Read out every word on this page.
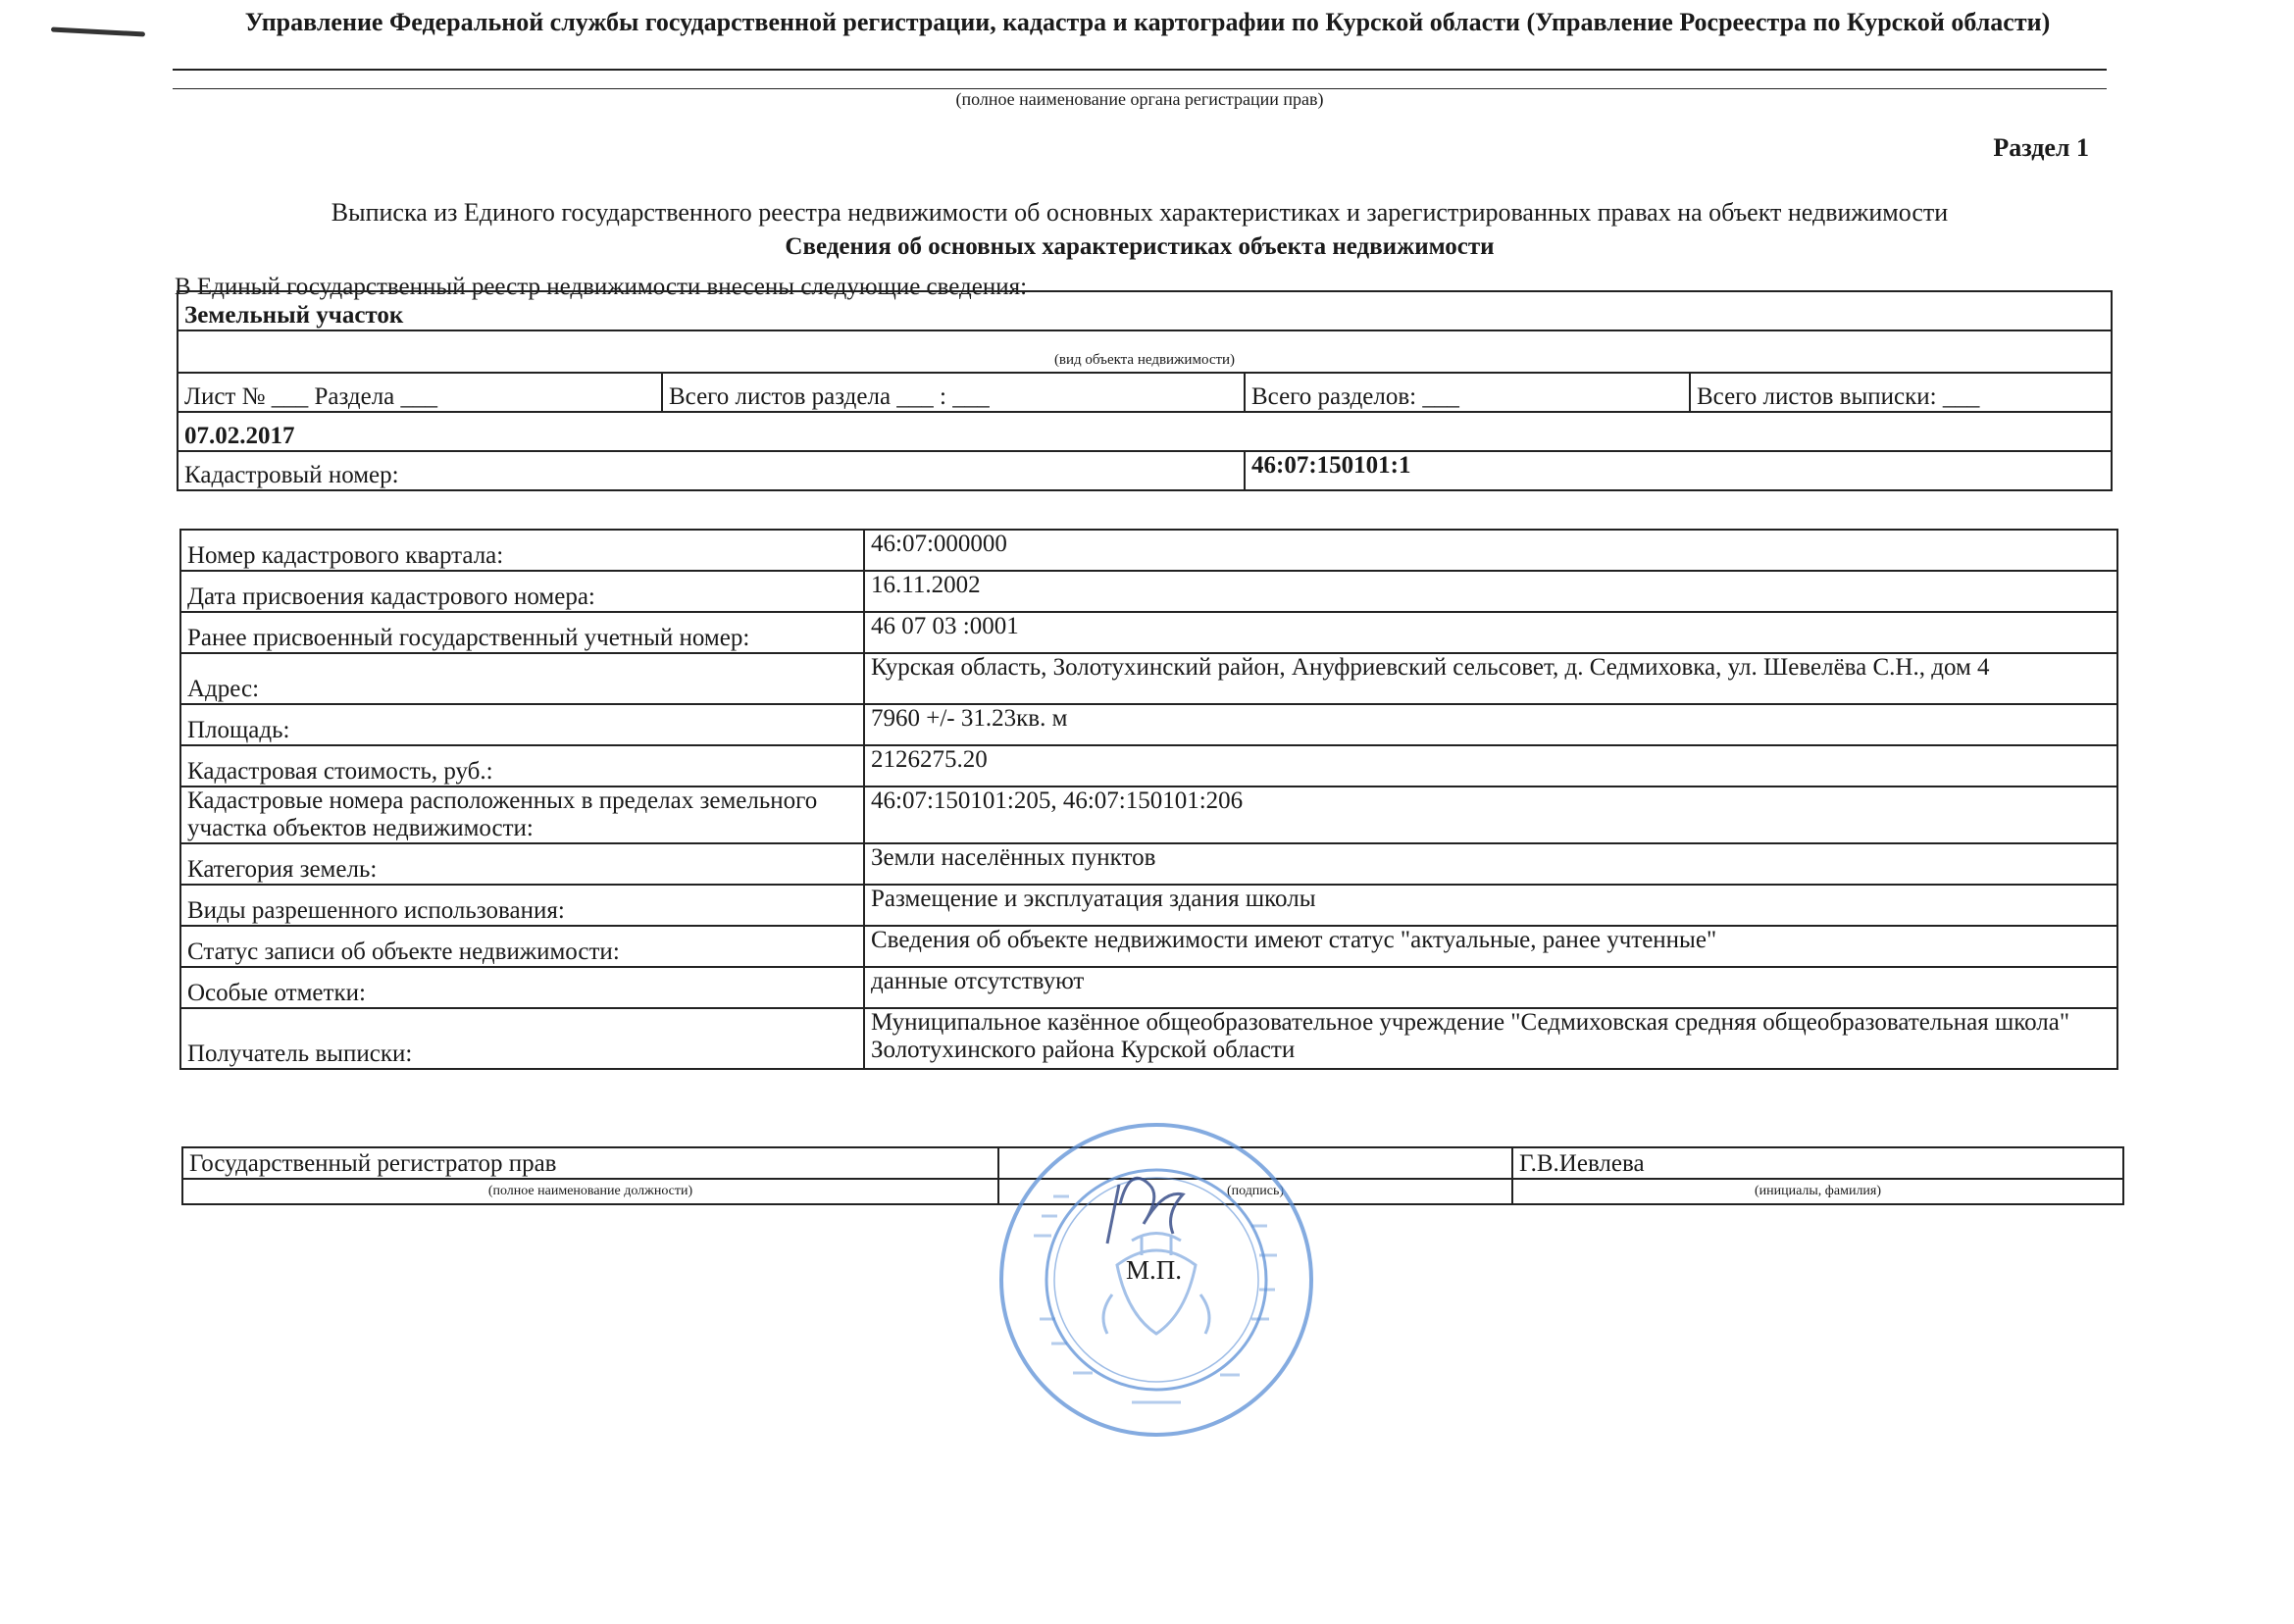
Управление Федеральной службы государственной регистрации, кадастра и картографии по Курской области (Управление Росреестра по Курской области)
(полное наименование органа регистрации прав)
Раздел 1
Выписка из Единого государственного реестра недвижимости об основных характеристиках и зарегистрированных правах на объект недвижимости
Сведения об основных характеристиках объекта недвижимости
В Единый государственный реестр недвижимости внесены следующие сведения:
Земельный участок			
(вид объекта недвижимости)			
Лист № ___ Раздела ___	Всего листов раздела ___ : ___	Всего разделов: ___	Всего листов выписки: ___
07.02.2017			
Кадастровый номер:		46:07:150101:1	
Номер кадастрового квартала:	46:07:000000
Дата присвоения кадастрового номера:	16.11.2002
Ранее присвоенный государственный учетный номер:	46 07 03 :0001
Адрес:	Курская область, Золотухинский район, Ануфриевский сельсовет, д. Седмиховка, ул. Шевелёва С.Н., дом 4
Площадь:	7960 +/- 31.23кв. м
Кадастровая стоимость, руб.:	2126275.20
Кадастровые номера расположенных в пределах земельного участка объектов недвижимости:	46:07:150101:205, 46:07:150101:206
Категория земель:	Земли населённых пунктов
Виды разрешенного использования:	Размещение и эксплуатация здания школы
Статус записи об объекте недвижимости:	Сведения об объекте недвижимости имеют статус "актуальные, ранее учтенные"
Особые отметки:	данные отсутствуют
Получатель выписки:	Муниципальное казённое общеобразовательное учреждение "Седмиховская средняя общеобразовательная школа" Золотухинского района Курской области
Государственный регистратор прав		Г.В.Иевлева
(полное наименование должности)	(подпись)	(инициалы, фамилия)
М.П.
